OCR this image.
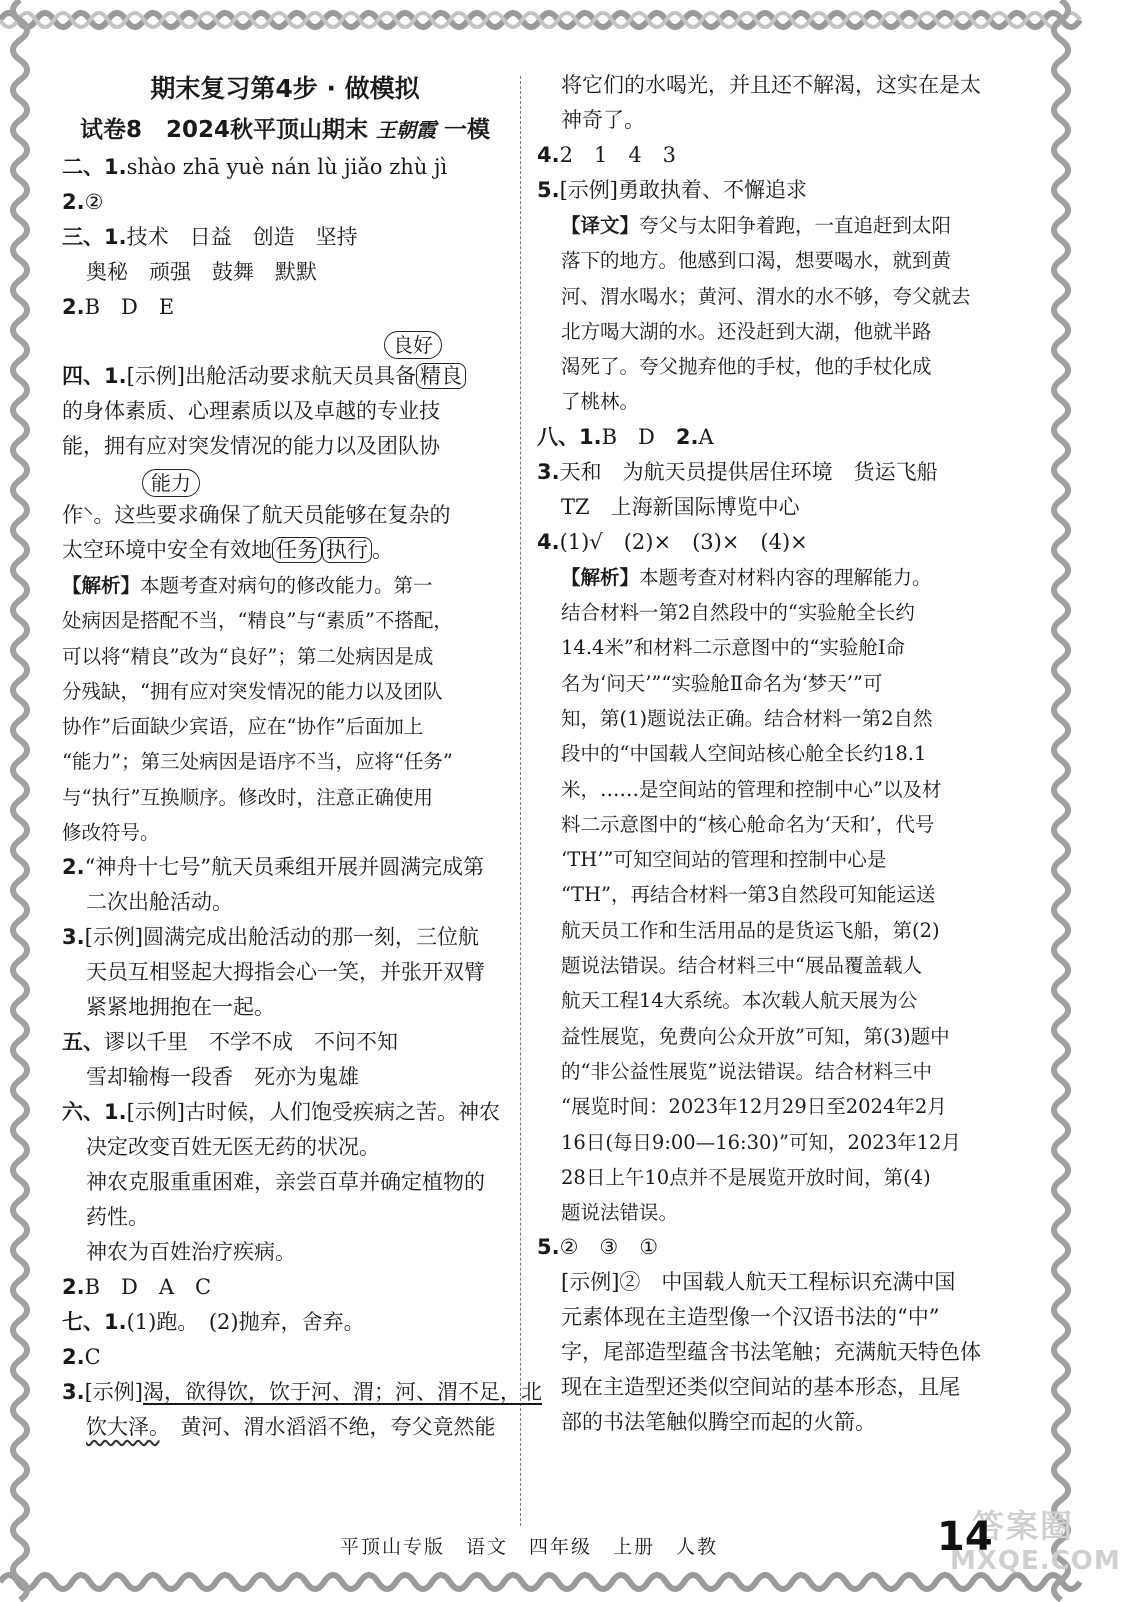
期末复习第4步 · 做模拟
试卷8 2024秋平顶山期末 王朝霞 一模
二、1.shào zhā yuè nán lù jiǎo zhù jì
2.②
三、1.技术　日益　创造　坚持
奥秘　顽强　鼓舞　默默
2.B　D　E
良好
四、1.[示例]出舱活动要求航天员具备 精良
的身体素质、心理素质以及卓越的专业技
能，拥有应对突发情况的能力以及团队协
能力
作⸌。这些要求确保了航天员能够在复杂的
太空环境中安全有效地 任务 执行 。
【解析】本题考查对病句的修改能力。第一
处病因是搭配不当，“精良”与“素质”不搭配，
可以将“精良”改为“良好”；第二处病因是成
分残缺，“拥有应对突发情况的能力以及团队
协作”后面缺少宾语，应在“协作”后面加上
“能力”；第三处病因是语序不当，应将“任务”
与“执行”互换顺序。修改时，注意正确使用
修改符号。
2.“神舟十七号”航天员乘组开展并圆满完成第
二次出舱活动。
3.[示例]圆满完成出舱活动的那一刻，三位航
天员互相竖起大拇指会心一笑，并张开双臂
紧紧地拥抱在一起。
五、谬以千里　不学不成　不问不知
雪却输梅一段香　死亦为鬼雄
六、1.[示例]古时候，人们饱受疾病之苦。神农
决定改变百姓无医无药的状况。
神农克服重重困难，亲尝百草并确定植物的
药性。
神农为百姓治疗疾病。
2.B　D　A　C
七、1.(1)跑。　(2)抛弃，舍弃。
2.C
3.[示例]渴，欲得饮，饮于河、渭；河、渭不足，北
饮大泽。　黄河、渭水滔滔不绝，夸父竟然能
将它们的水喝光，并且还不解渴，这实在是太
神奇了。
4.2　1　4　3
5.[示例]勇敢执着、不懈追求
【译文】夸父与太阳争着跑，一直追赶到太阳
落下的地方。他感到口渴，想要喝水，就到黄
河、渭水喝水；黄河、渭水的水不够，夸父就去
北方喝大湖的水。还没赶到大湖，他就半路
渴死了。夸父抛弃他的手杖，他的手杖化成
了桃林。
八、1.B　D　 2.A
3.天和　为航天员提供居住环境　货运飞船
TZ　上海新国际博览中心
4.(1)√　(2)×　(3)×　(4)×
【解析】本题考查对材料内容的理解能力。
结合材料一第2自然段中的“实验舱全长约
14.4米”和材料二示意图中的“实验舱Ⅰ命
名为‘问天’”“实验舱Ⅱ命名为‘梦天’”可
知，第(1)题说法正确。结合材料一第2自然
段中的“中国载人空间站核心舱全长约18.1
米，……是空间站的管理和控制中心”以及材
料二示意图中的“核心舱命名为‘天和’，代号
‘TH’”可知空间站的管理和控制中心是
“TH”，再结合材料一第3自然段可知能运送
航天员工作和生活用品的是货运飞船，第(2)
题说法错误。结合材料三中“展品覆盖载人
航天工程14大系统。本次载人航天展为公
益性展览，免费向公众开放”可知，第(3)题中
的“非公益性展览”说法错误。结合材料三中
“展览时间：2023年12月29日至2024年2月
16日(每日9:00—16:30)”可知，2023年12月
28日上午10点并不是展览开放时间，第(4)
题说法错误。
5.②　③　①
[示例]②　中国载人航天工程标识充满中国
元素体现在主造型像一个汉语书法的“中”
字，尾部造型蕴含书法笔触；充满航天特色体
现在主造型还类似空间站的基本形态，且尾
部的书法笔触似腾空而起的火箭。
平顶山专版　语文　四年级　上册　人教
答案圈
MXQE.COM
14
